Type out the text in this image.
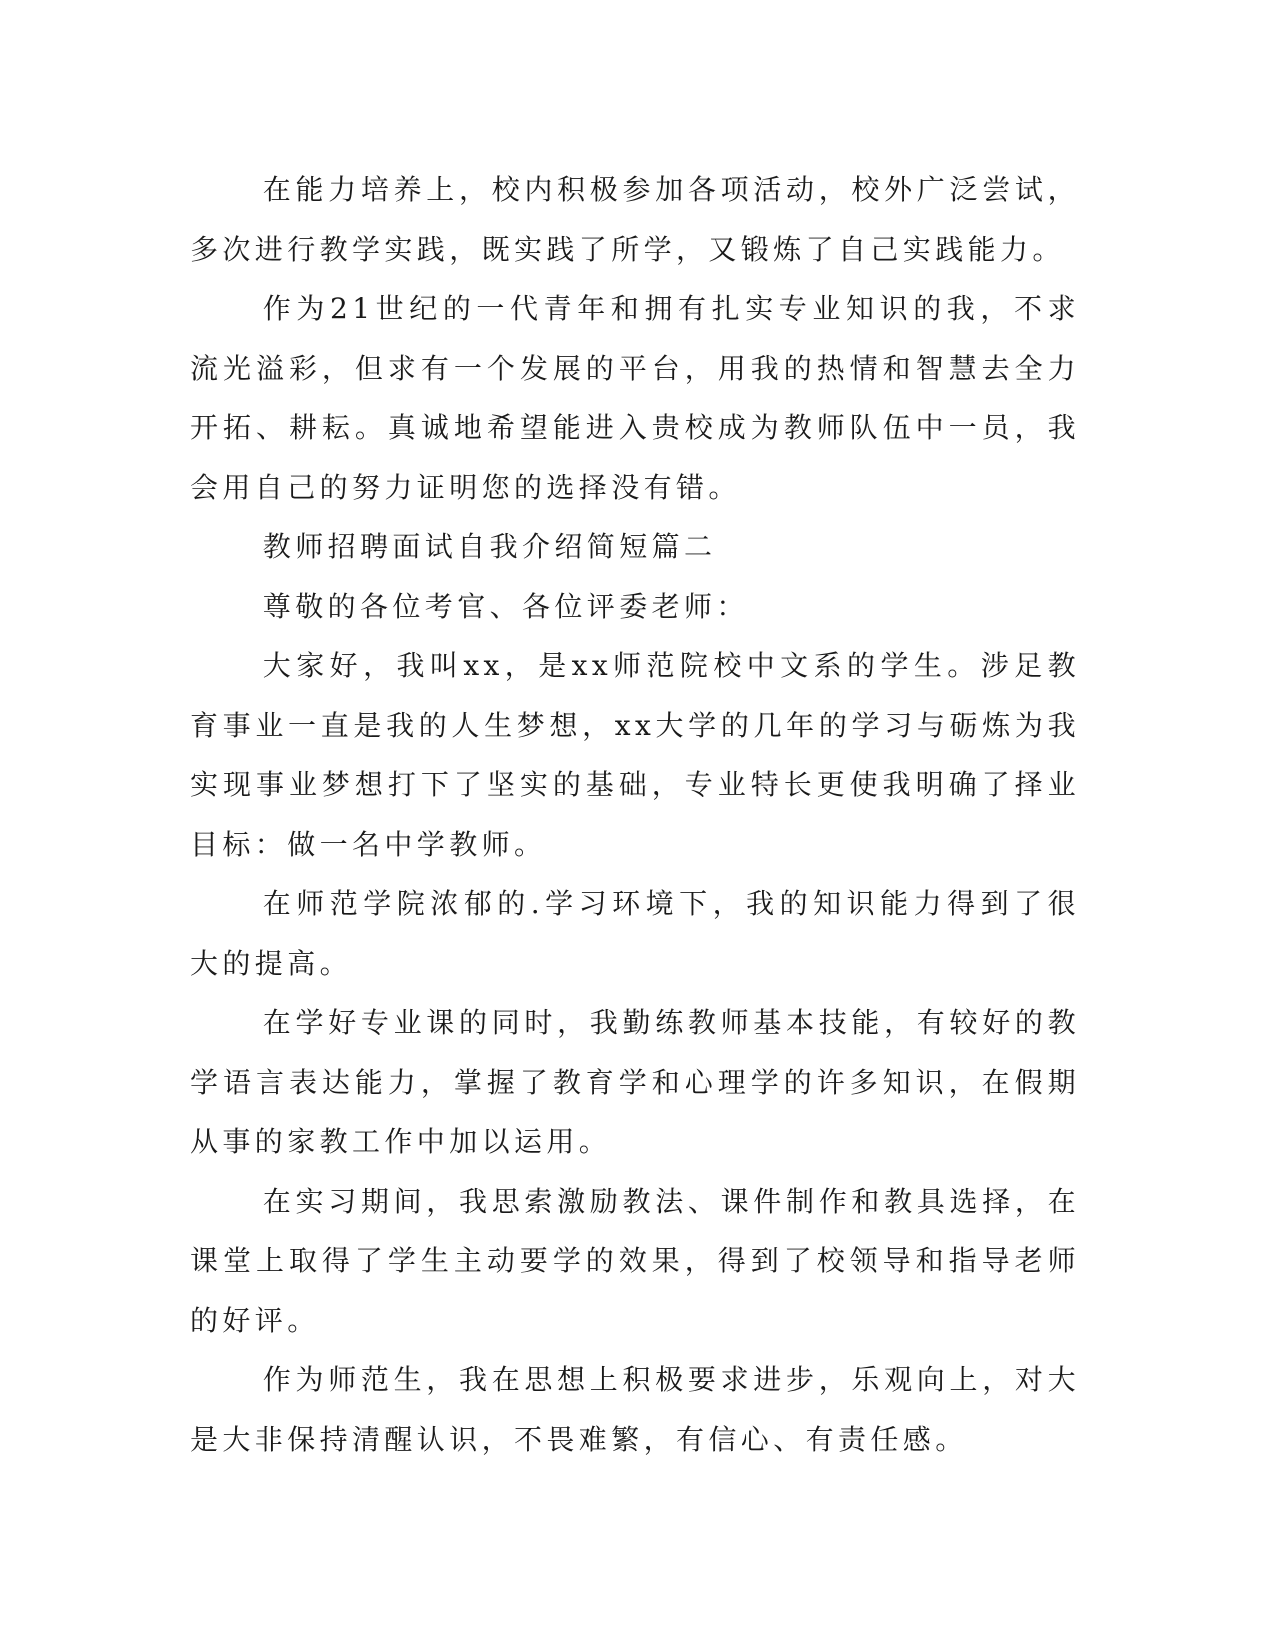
在能力培养上，校内积极参加各项活动，校外广泛尝试，多次进行教学实践，既实践了所学，又锻炼了自己实践能力。

作为21世纪的一代青年和拥有扎实专业知识的我，不求流光溢彩，但求有一个发展的平台，用我的热情和智慧去全力开拓、耕耘。真诚地希望能进入贵校成为教师队伍中一员，我会用自己的努力证明您的选择没有错。

教师招聘面试自我介绍简短篇二

尊敬的各位考官、各位评委老师：

大家好，我叫xx，是xx师范院校中文系的学生。涉足教育事业一直是我的人生梦想，xx大学的几年的学习与砺炼为我实现事业梦想打下了坚实的基础，专业特长更使我明确了择业目标：做一名中学教师。

在师范学院浓郁的.学习环境下，我的知识能力得到了很大的提高。

在学好专业课的同时，我勤练教师基本技能，有较好的教学语言表达能力，掌握了教育学和心理学的许多知识，在假期从事的家教工作中加以运用。

在实习期间，我思索激励教法、课件制作和教具选择，在课堂上取得了学生主动要学的效果，得到了校领导和指导老师的好评。

作为师范生，我在思想上积极要求进步，乐观向上，对大是大非保持清醒认识，不畏难繁，有信心、有责任感。
